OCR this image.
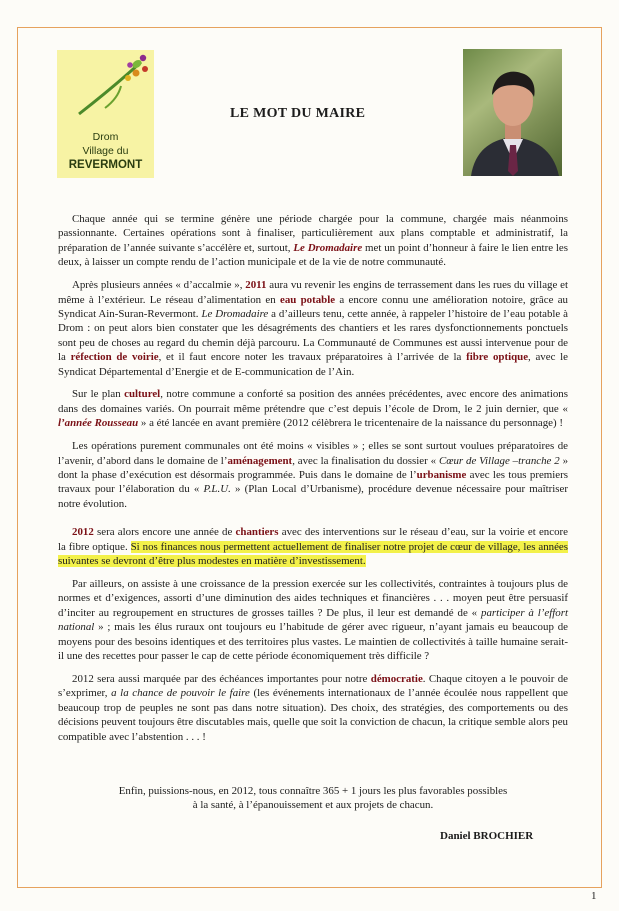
Drom
Village du
REVERMONT
LE MOT DU MAIRE

Chaque année qui se termine génère une période chargée pour la commune, chargée mais néanmoins passionnante. Certaines opérations sont à finaliser, particulièrement aux plans comptable et administratif, la préparation de l’année suivante s’accélère et, surtout, Le Dromadaire met un point d’honneur à faire le lien entre les deux, à laisser un compte rendu de l’action municipale et de la vie de notre communauté.

Après plusieurs années « d’accalmie », 2011 aura vu revenir les engins de terrassement dans les rues du village et même à l’extérieur. Le réseau d’alimentation en eau potable a encore connu une amélioration notoire, grâce au Syndicat Ain-Suran-Revermont. Le Dromadaire a d’ailleurs tenu, cette année, à rappeler l’histoire de l’eau potable à Drom : on peut alors bien constater que les désagréments des chantiers et les rares dysfonctionnements ponctuels sont peu de choses au regard du chemin déjà parcouru. La Communauté de Communes est aussi intervenue pour de la réfection de voirie, et il faut encore noter les travaux préparatoires à l’arrivée de la fibre optique, avec le Syndicat Départemental d’Energie et de E-communication de l’Ain.

Sur le plan culturel, notre commune a conforté sa position des années précédentes, avec encore des animations dans des domaines variés. On pourrait même prétendre que c’est depuis l’école de Drom, le 2 juin dernier, que « l’année Rousseau » a été lancée en avant première (2012 célèbrera le tricentenaire de la naissance du personnage) !

Les opérations purement communales ont été moins « visibles » ; elles se sont surtout voulues préparatoires de l’avenir, d’abord dans le domaine de l’aménagement, avec la finalisation du dossier « Cœur de Village –tranche 2 » dont la phase d’exécution est désormais programmée. Puis dans le domaine de l’urbanisme avec les tous premiers travaux pour l’élaboration du « P.L.U. » (Plan Local d’Urbanisme), procédure devenue nécessaire pour maîtriser notre évolution.

2012 sera alors encore une année de chantiers avec des interventions sur le réseau d’eau, sur la voirie et encore la fibre optique. Si nos finances nous permettent actuellement de finaliser notre projet de cœur de village, les années suivantes se devront d’être plus modestes en matière d’investissement.

Par ailleurs, on assiste à une croissance de la pression exercée sur les collectivités, contraintes à toujours plus de normes et d’exigences, assorti d’une diminution des aides techniques et financières . . . moyen peut être persuasif d’inciter au regroupement en structures de grosses tailles ? De plus, il leur est demandé de « participer à l’effort national » ; mais les élus ruraux ont toujours eu l’habitude de gérer avec rigueur, n’ayant jamais eu beaucoup de moyens pour des besoins identiques et des territoires plus vastes. Le maintien de collectivités à taille humaine serait-il une des recettes pour passer le cap de cette période économiquement très difficile ?

2012 sera aussi marquée par des échéances importantes pour notre démocratie. Chaque citoyen a le pouvoir de s’exprimer, a la chance de pouvoir le faire (les événements internationaux de l’année écoulée nous rappellent que beaucoup trop de peuples ne sont pas dans notre situation). Des choix, des stratégies, des comportements ou des décisions peuvent toujours être discutables mais, quelle que soit la conviction de chacun, la critique semble alors peu compatible avec l’abstention . . . !

Enfin, puissions-nous, en 2012, tous connaître 365 + 1 jours les plus favorables possibles
à la santé, à l’épanouissement et aux projets de chacun.
Daniel BROCHIER
1
